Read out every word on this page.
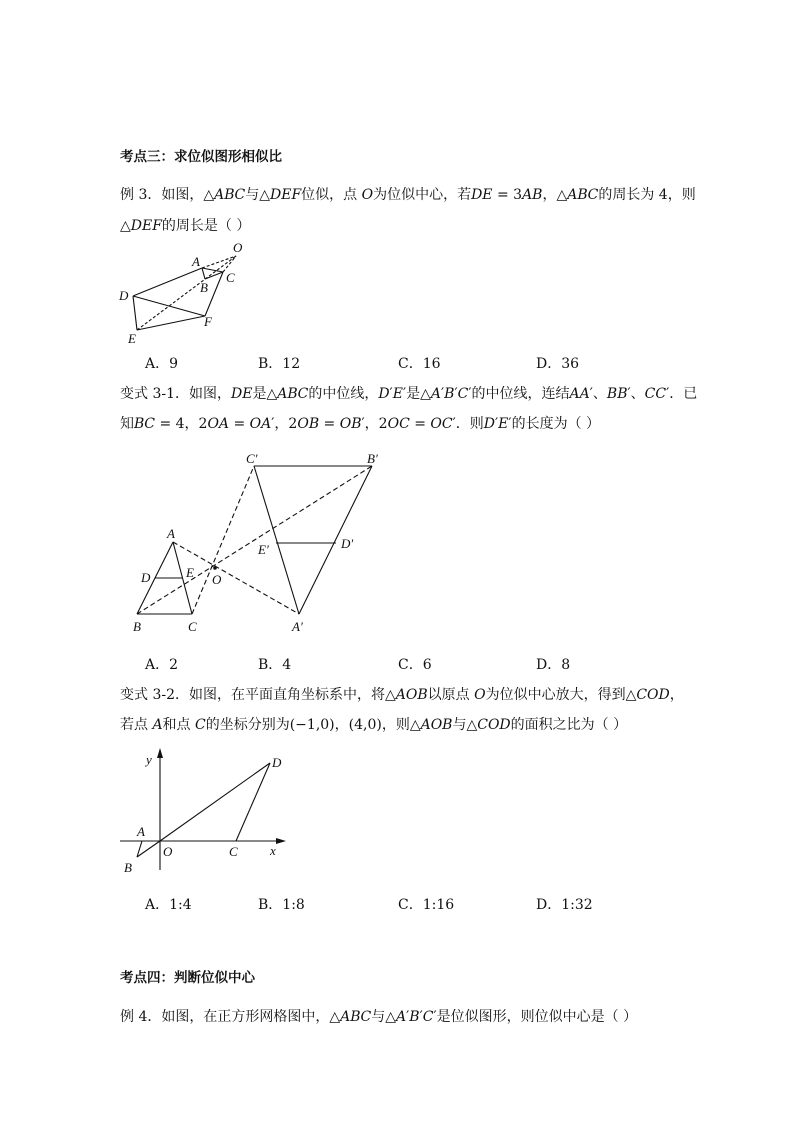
考点三：求位似图形相似比
例 3．如图，△𝐴𝐵𝐶与△𝐷𝐸𝐹位似，点 𝑂为位似中心，若𝐷𝐸 = 3𝐴𝐵，△𝐴𝐵𝐶的周长为 4，则
△𝐷𝐸𝐹的周长是（ ）
O
A
B
C
D
E
F
A．9	B．12	C．16	D．36
变式 3-1．如图，𝐷𝐸是△𝐴𝐵𝐶的中位线，𝐷′𝐸′是△𝐴′𝐵′𝐶′的中位线，连结𝐴𝐴′、𝐵𝐵′、𝐶𝐶′．已
知𝐵𝐶 = 4，2𝑂𝐴 = 𝑂𝐴′，2𝑂𝐵 = 𝑂𝐵′，2𝑂𝐶 = 𝑂𝐶′．则𝐷′𝐸′的长度为（ ）
C′	B′
E′	D′
A′
A
D	E O
B	C
A．2	B．4	C．6	D．8
变式 3-2．如图，在平面直角坐标系中，将△𝐴𝑂𝐵以原点 𝑂为位似中心放大，得到△𝐶𝑂𝐷，
若点 𝐴和点 𝐶的坐标分别为(−1,0)，(4,0)，则△𝐴𝑂𝐵与△𝐶𝑂𝐷的面积之比为（ ）
y
x
D
A
O	C
B
A．1:4	B．1:8	C．1:16	D．1:32
考点四：判断位似中心
例 4．如图，在正方形网格图中，△𝐴𝐵𝐶与△𝐴′𝐵′𝐶′是位似图形，则位似中心是（ ）
